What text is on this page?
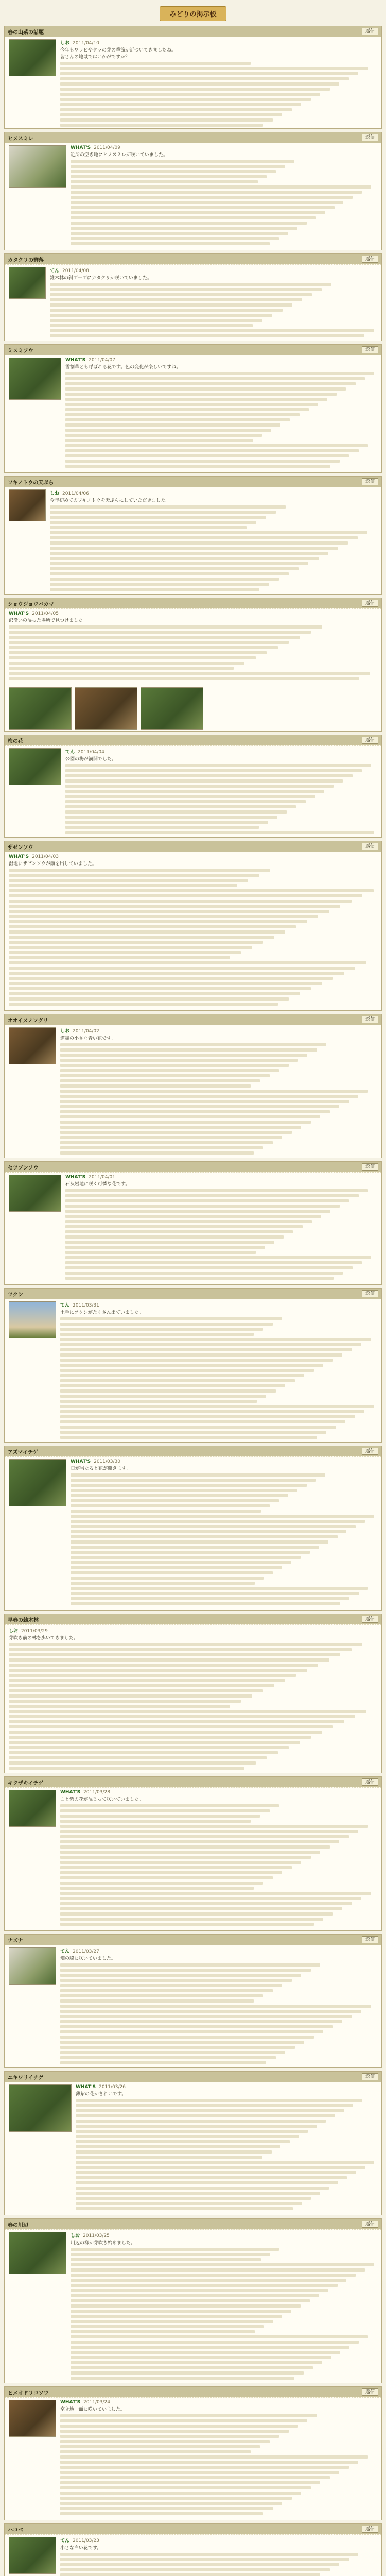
みどりの掲示板
春の山菜の話題	返信
しお 2011/04/10
今年もワラビやタラの芽の季節が近づいてきましたね。
皆さんの地域ではいかがですか？
ヒメスミレ	返信
WHAT'S 2011/04/09
近所の空き地にヒメスミレが咲いていました。
カタクリの群落	返信
てん 2011/04/08
雑木林の斜面一面にカタクリが咲いていました。
ミスミソウ	返信
WHAT'S 2011/04/07
雪割草とも呼ばれる花です。色の変化が楽しいですね。
フキノトウの天ぷら	返信
しお 2011/04/06
今年初めてのフキノトウを天ぷらにしていただきました。
ショウジョウバカマ	返信
WHAT'S 2011/04/05
沢沿いの湿った場所で見つけました。
梅の花	返信
てん 2011/04/04
公園の梅が満開でした。
ザゼンソウ	返信
WHAT'S 2011/04/03
湿地にザゼンソウが顔を出していました。
オオイヌノフグリ	返信
しお 2011/04/02
道端の小さな青い花です。
セツブンソウ	返信
WHAT'S 2011/04/01
石灰岩地に咲く可憐な花です。
ツクシ	返信
てん 2011/03/31
土手にツクシがたくさん出ていました。
アズマイチゲ	返信
WHAT'S 2011/03/30
日が当たると花が開きます。
早春の雑木林	返信
しお 2011/03/29
芽吹き前の林を歩いてきました。
キクザキイチゲ	返信
WHAT'S 2011/03/28
白と紫の花が混じって咲いていました。
ナズナ	返信
てん 2011/03/27
畑の脇に咲いていました。
ユキワリイチゲ	返信
WHAT'S 2011/03/26
薄紫の花がきれいです。
春の川辺	返信
しお 2011/03/25
川辺の柳が芽吹き始めました。
ヒメオドリコソウ	返信
WHAT'S 2011/03/24
空き地一面に咲いていました。
ハコベ	返信
てん 2011/03/23
小さな白い花です。
